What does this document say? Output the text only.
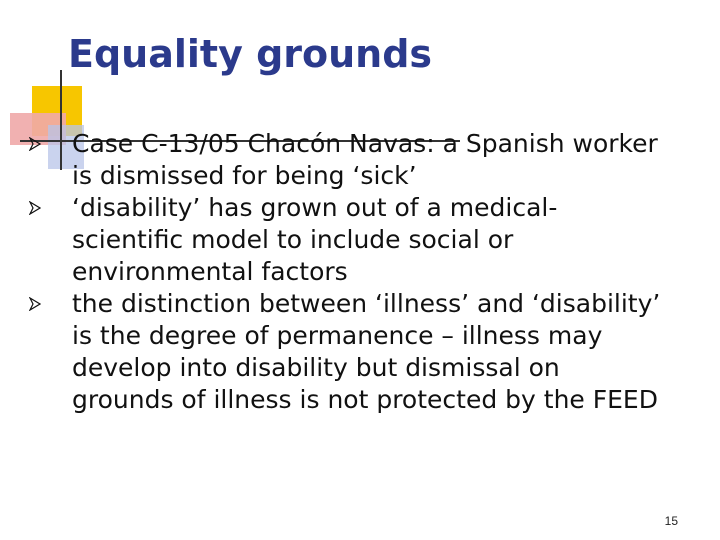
Equality grounds
Case C-13/05 Chacón Navas: a Spanish worker is dismissed for being ‘sick’
‘disability’ has grown out of a medical-scientific model to include social or environmental factors
the distinction between ‘illness’ and ‘disability’ is the degree of permanence – illness may develop into disability but dismissal on grounds of illness is not protected by the FEED
15
